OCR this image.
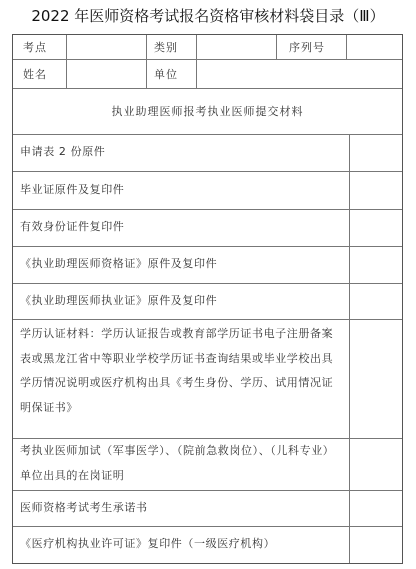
2022 年医师资格考试报名资格审核材料袋目录（Ⅲ）
考点	类别	序列号
姓名	单位
执业助理医师报考执业医师提交材料
申请表 2 份原件
毕业证原件及复印件
有效身份证件复印件
《执业助理医师资格证》原件及复印件
《执业助理医师执业证》原件及复印件
学历认证材料：学历认证报告或教育部学历证书电子注册备案表或黑龙江省中等职业学校学历证书查询结果或毕业学校出具学历情况说明或医疗机构出具《考生身份、学历、试用情况证明保证书》
考执业医师加试（军事医学）、（院前急救岗位）、（儿科专业）单位出具的在岗证明
医师资格考试考生承诺书
《医疗机构执业许可证》复印件（一级医疗机构）
